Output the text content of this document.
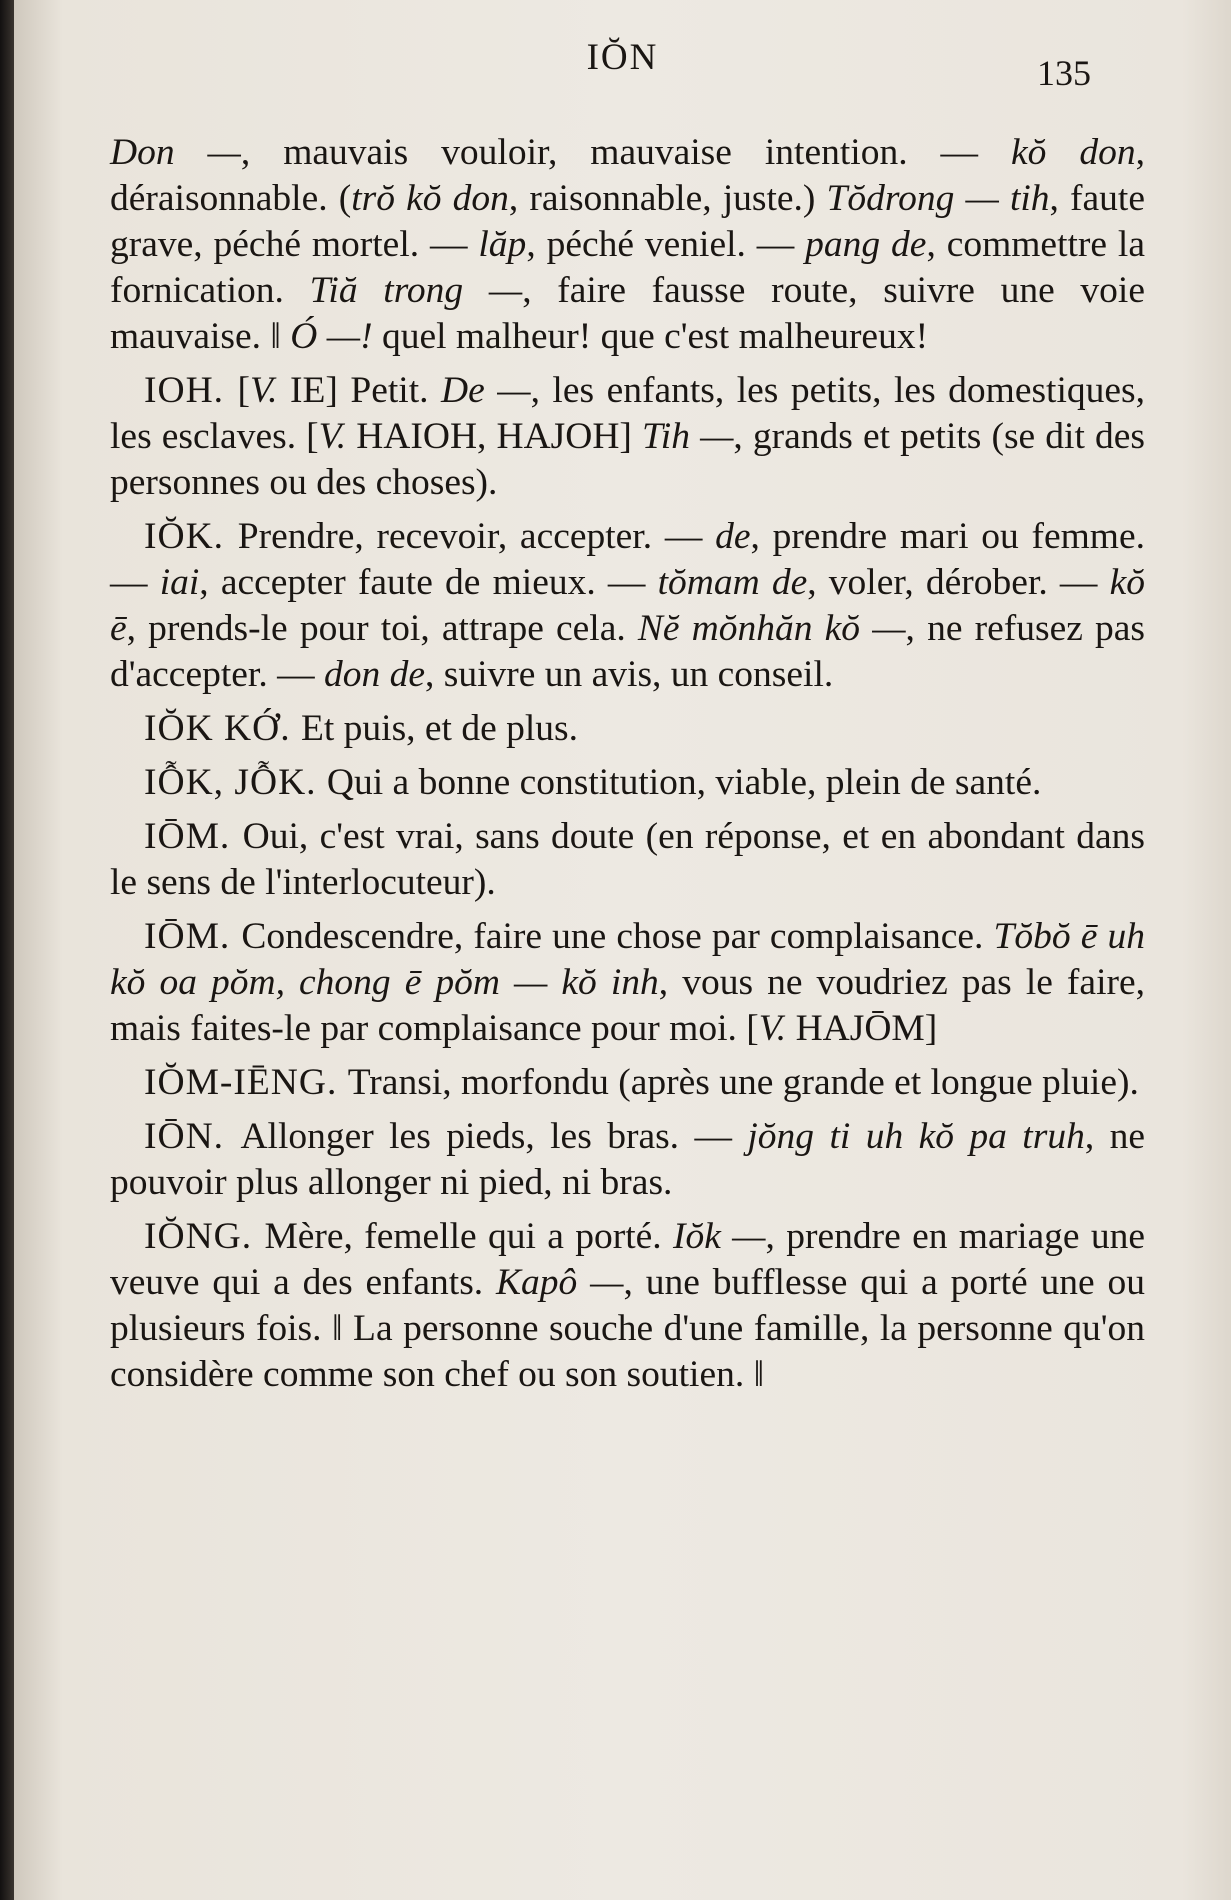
IŎN	135

Don —, mauvais vouloir, mauvaise intention. — kŏ don, déraisonnable. (trŏ kŏ don, raisonnable, juste.) Tŏdrong — tih, faute grave, péché mortel. — lăp, péché veniel. — pang de, commettre la fornication. Tiă trong —, faire fausse route, suivre une voie mauvaise. ‖ Ó —! quel malheur! que c'est malheureux!

IOH. [V. IE] Petit. De —, les enfants, les petits, les domestiques, les esclaves. [V. HAIOH, HAJOH] Tih —, grands et petits (se dit des personnes ou des choses).

IŎK. Prendre, recevoir, accepter. — de, prendre mari ou femme. — iai, accepter faute de mieux. — tŏmam de, voler, dérober. — kŏ ē, prends-le pour toi, attrape cela. Nĕ mŏnhăn kŏ —, ne refusez pas d'accepter. — don de, suivre un avis, un conseil.

IŎK KỚ. Et puis, et de plus.

IỖK, JỖK. Qui a bonne constitution, viable, plein de santé.

IŌM. Oui, c'est vrai, sans doute (en réponse, et en abondant dans le sens de l'interlocuteur).

IŌM. Condescendre, faire une chose par complaisance. Tŏbŏ ē uh kŏ oa pŏm, chong ē pŏm — kŏ inh, vous ne voudriez pas le faire, mais faites-le par complaisance pour moi. [V. HAJŌM]

IŎM-IĒNG. Transi, morfondu (après une grande et longue pluie).

IŌN. Allonger les pieds, les bras. — jŏng ti uh kŏ pa truh, ne pouvoir plus allonger ni pied, ni bras.

IŎNG. Mère, femelle qui a porté. Iŏk —, prendre en mariage une veuve qui a des enfants. Kapô —, une bufflesse qui a porté une ou plusieurs fois. ‖ La personne souche d'une famille, la personne qu'on considère comme son chef ou son soutien. ‖
